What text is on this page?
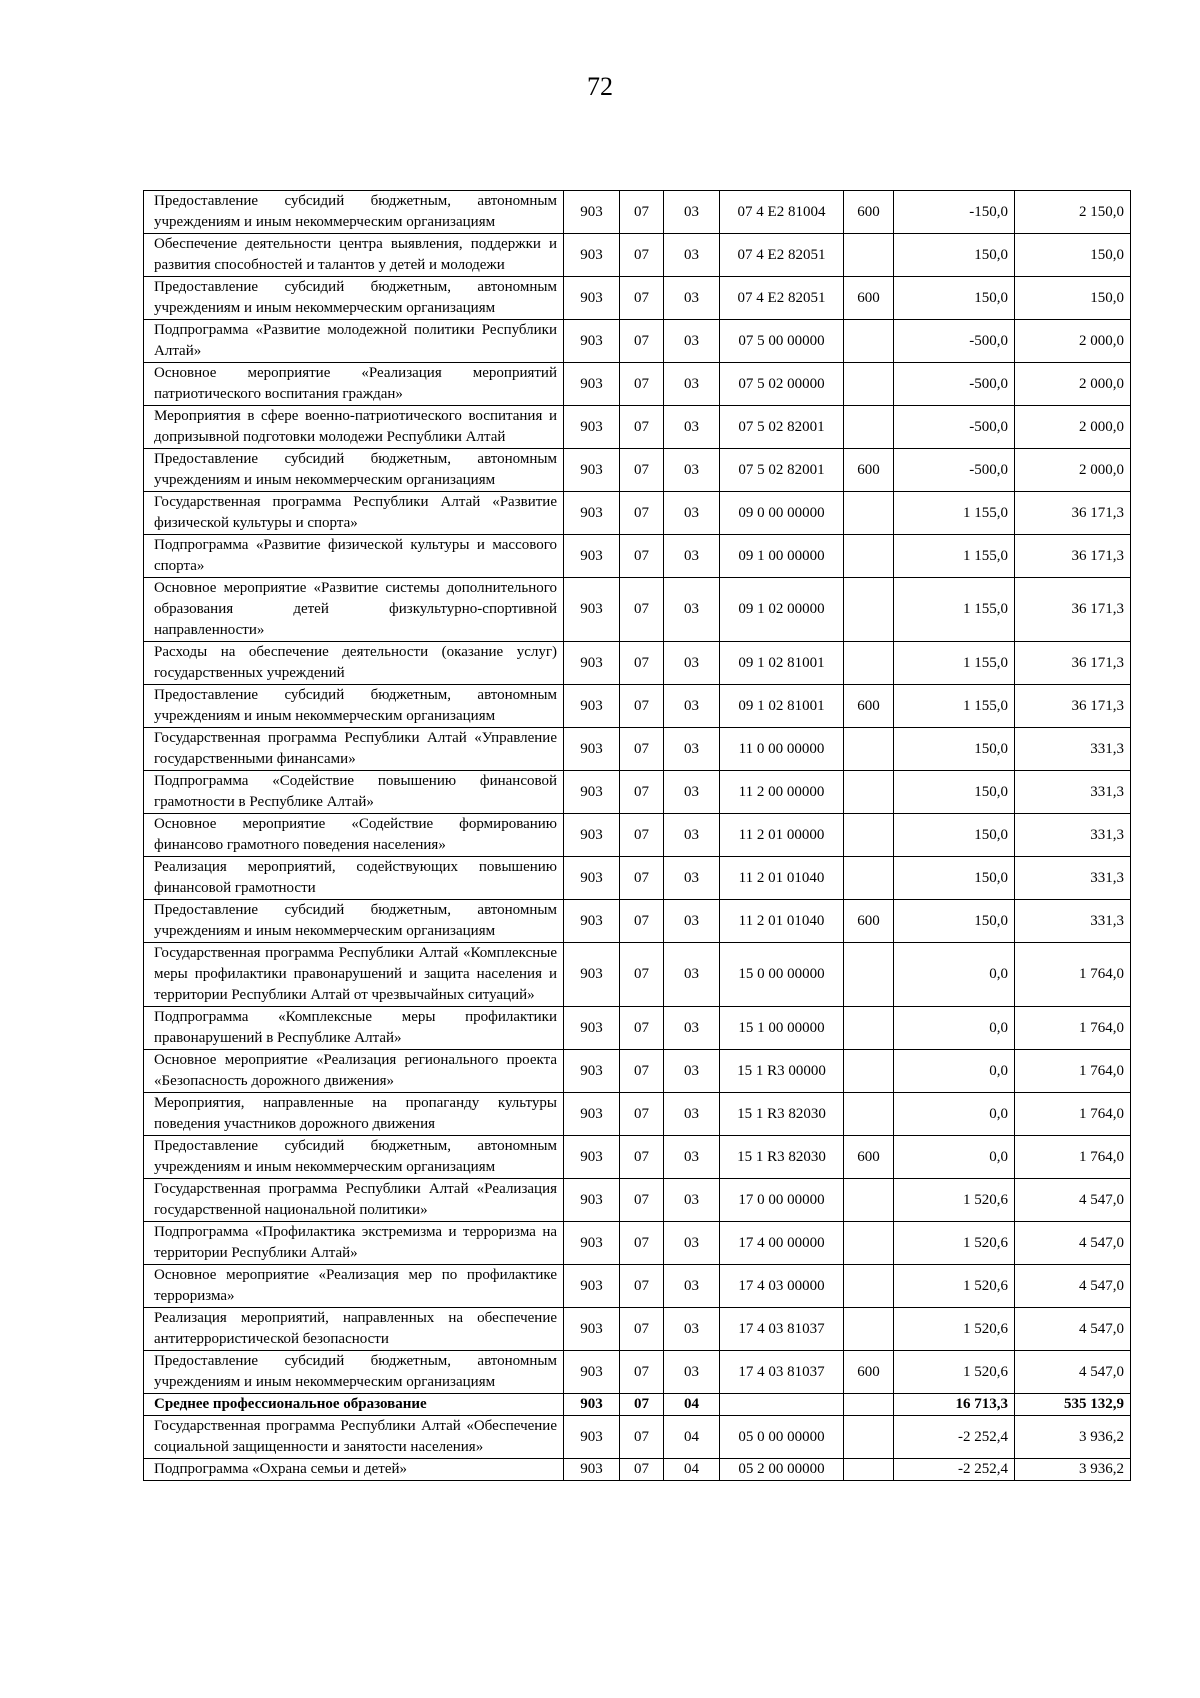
72
Предоставление субсидий бюджетным, автономным учреждениям и иным некоммерческим организациям	903	07	03	07 4 E2 81004	600	-150,0	2 150,0
Обеспечение деятельности центра выявления, поддержки и развития способностей и талантов у детей и молодежи	903	07	03	07 4 E2 82051		150,0	150,0
Предоставление субсидий бюджетным, автономным учреждениям и иным некоммерческим организациям	903	07	03	07 4 E2 82051	600	150,0	150,0
Подпрограмма «Развитие молодежной политики Республики Алтай»	903	07	03	07 5 00 00000		-500,0	2 000,0
Основное мероприятие «Реализация мероприятий патриотического воспитания граждан»	903	07	03	07 5 02 00000		-500,0	2 000,0
Мероприятия в сфере военно-патриотического воспитания и допризывной подготовки молодежи Республики Алтай	903	07	03	07 5 02 82001		-500,0	2 000,0
Предоставление субсидий бюджетным, автономным учреждениям и иным некоммерческим организациям	903	07	03	07 5 02 82001	600	-500,0	2 000,0
Государственная программа Республики Алтай «Развитие физической культуры и спорта»	903	07	03	09 0 00 00000		1 155,0	36 171,3
Подпрограмма «Развитие физической культуры и массового спорта»	903	07	03	09 1 00 00000		1 155,0	36 171,3
Основное мероприятие «Развитие системы дополнительного образования детей физкультурно-спортивной направленности»	903	07	03	09 1 02 00000		1 155,0	36 171,3
Расходы на обеспечение деятельности (оказание услуг) государственных учреждений	903	07	03	09 1 02 81001		1 155,0	36 171,3
Предоставление субсидий бюджетным, автономным учреждениям и иным некоммерческим организациям	903	07	03	09 1 02 81001	600	1 155,0	36 171,3
Государственная программа Республики Алтай «Управление государственными финансами»	903	07	03	11 0 00 00000		150,0	331,3
Подпрограмма «Содействие повышению финансовой грамотности в Республике Алтай»	903	07	03	11 2 00 00000		150,0	331,3
Основное мероприятие «Содействие формированию финансово грамотного поведения населения»	903	07	03	11 2 01 00000		150,0	331,3
Реализация мероприятий, содействующих повышению финансовой грамотности	903	07	03	11 2 01 01040		150,0	331,3
Предоставление субсидий бюджетным, автономным учреждениям и иным некоммерческим организациям	903	07	03	11 2 01 01040	600	150,0	331,3
Государственная программа Республики Алтай «Комплексные меры профилактики правонарушений и защита населения и территории Республики Алтай от чрезвычайных ситуаций»	903	07	03	15 0 00 00000		0,0	1 764,0
Подпрограмма «Комплексные меры профилактики правонарушений в Республике Алтай»	903	07	03	15 1 00 00000		0,0	1 764,0
Основное мероприятие «Реализация регионального проекта «Безопасность дорожного движения»	903	07	03	15 1 R3 00000		0,0	1 764,0
Мероприятия, направленные на пропаганду культуры поведения участников дорожного движения	903	07	03	15 1 R3 82030		0,0	1 764,0
Предоставление субсидий бюджетным, автономным учреждениям и иным некоммерческим организациям	903	07	03	15 1 R3 82030	600	0,0	1 764,0
Государственная программа Республики Алтай «Реализация государственной национальной политики»	903	07	03	17 0 00 00000		1 520,6	4 547,0
Подпрограмма «Профилактика экстремизма и терроризма на территории Республики Алтай»	903	07	03	17 4 00 00000		1 520,6	4 547,0
Основное мероприятие «Реализация мер по профилактике терроризма»	903	07	03	17 4 03 00000		1 520,6	4 547,0
Реализация мероприятий, направленных на обеспечение антитеррористической безопасности	903	07	03	17 4 03 81037		1 520,6	4 547,0
Предоставление субсидий бюджетным, автономным учреждениям и иным некоммерческим организациям	903	07	03	17 4 03 81037	600	1 520,6	4 547,0
Среднее профессиональное образование	903	07	04			16 713,3	535 132,9
Государственная программа Республики Алтай «Обеспечение социальной защищенности и занятости населения»	903	07	04	05 0 00 00000		-2 252,4	3 936,2
Подпрограмма «Охрана семьи и детей»	903	07	04	05 2 00 00000		-2 252,4	3 936,2
